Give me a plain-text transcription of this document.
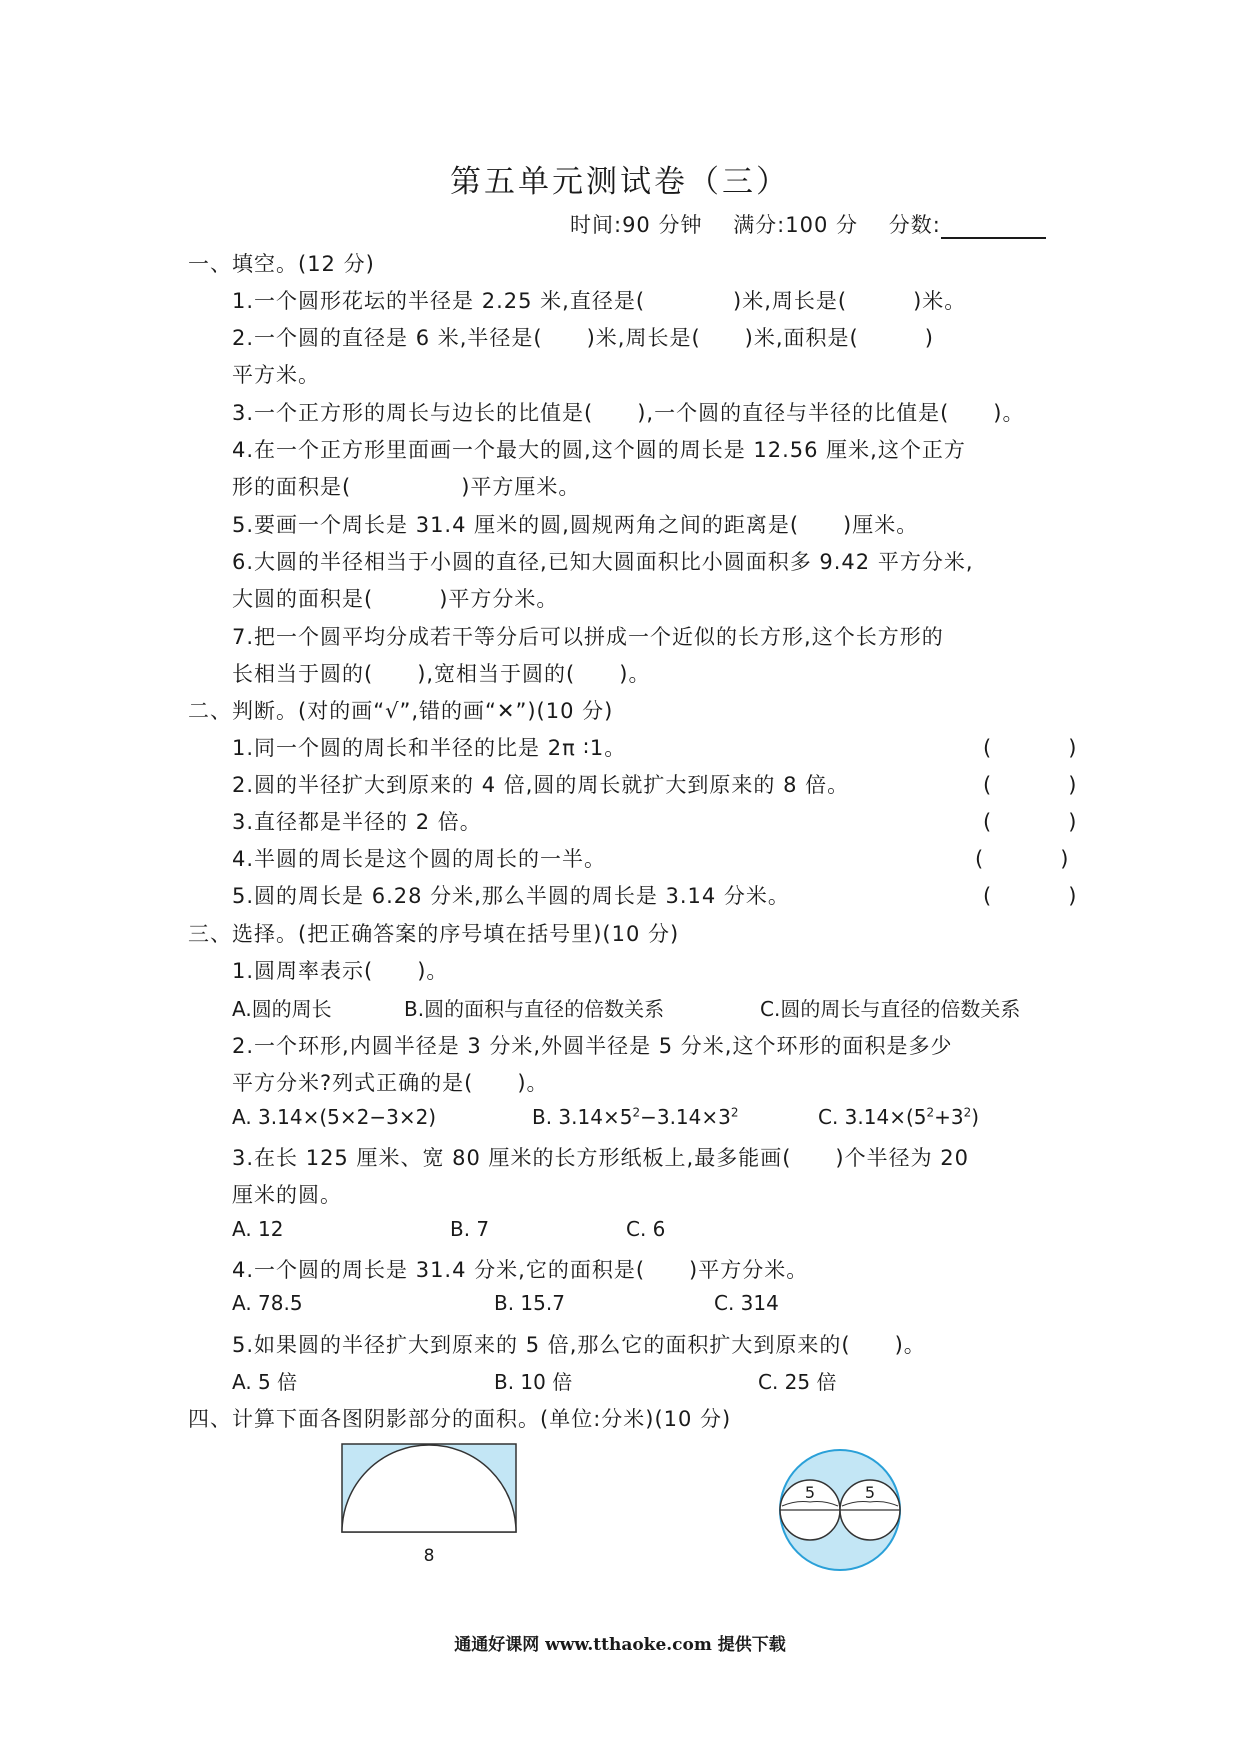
第五单元测试卷（三）
时间:90 分钟 满分:100 分 分数:
一、填空。(12 分)
1.一个圆形花坛的半径是 2.25 米,直径是(　　　　)米,周长是(　　　)米。
2.一个圆的直径是 6 米,半径是(　　)米,周长是(　　)米,面积是(　　　)
平方米。
3.一个正方形的周长与边长的比值是(　　),一个圆的直径与半径的比值是(　　)。
4.在一个正方形里面画一个最大的圆,这个圆的周长是 12.56 厘米,这个正方
形的面积是(　　　　　)平方厘米。
5.要画一个周长是 31.4 厘米的圆,圆规两角之间的距离是(　　)厘米。
6.大圆的半径相当于小圆的直径,已知大圆面积比小圆面积多 9.42 平方分米,
大圆的面积是(　　　)平方分米。
7.把一个圆平均分成若干等分后可以拼成一个近似的长方形,这个长方形的
长相当于圆的(　　),宽相当于圆的(　　)。
二、判断。(对的画“√”,错的画“✕”)(10 分)
1.同一个圆的周长和半径的比是 2π ∶1。	(　)
2.圆的半径扩大到原来的 4 倍,圆的周长就扩大到原来的 8 倍。	(　)
3.直径都是半径的 2 倍。	(　)
4.半圆的周长是这个圆的周长的一半。	(　)
5.圆的周长是 6.28 分米,那么半圆的周长是 3.14 分米。	(　)
三、选择。(把正确答案的序号填在括号里)(10 分)
1.圆周率表示(　　)。
A.圆的周长	B.圆的面积与直径的倍数关系	C.圆的周长与直径的倍数关系
2.一个环形,内圆半径是 3 分米,外圆半径是 5 分米,这个环形的面积是多少
平方分米?列式正确的是(　　)。
A. 3.14×(5×2−3×2)	B. $3.14\times 5^2-3.14\times 3^2$	C. $3.14\times(5^2+3^2)$
3.在长 125 厘米、宽 80 厘米的长方形纸板上,最多能画(　　)个半径为 20
厘米的圆。
A. 12	B. 7	C. 6
4.一个圆的周长是 31.4 分米,它的面积是(　　)平方分米。
A. 78.5	B. 15.7	C. 314
5.如果圆的半径扩大到原来的 5 倍,那么它的面积扩大到原来的(　　)。
A. 5 倍	B. 10 倍	C. 25 倍
四、计算下面各图阴影部分的面积。(单位:分米)(10 分)
8
5	5
通通好课网 www.tthaoke.com 提供下载
